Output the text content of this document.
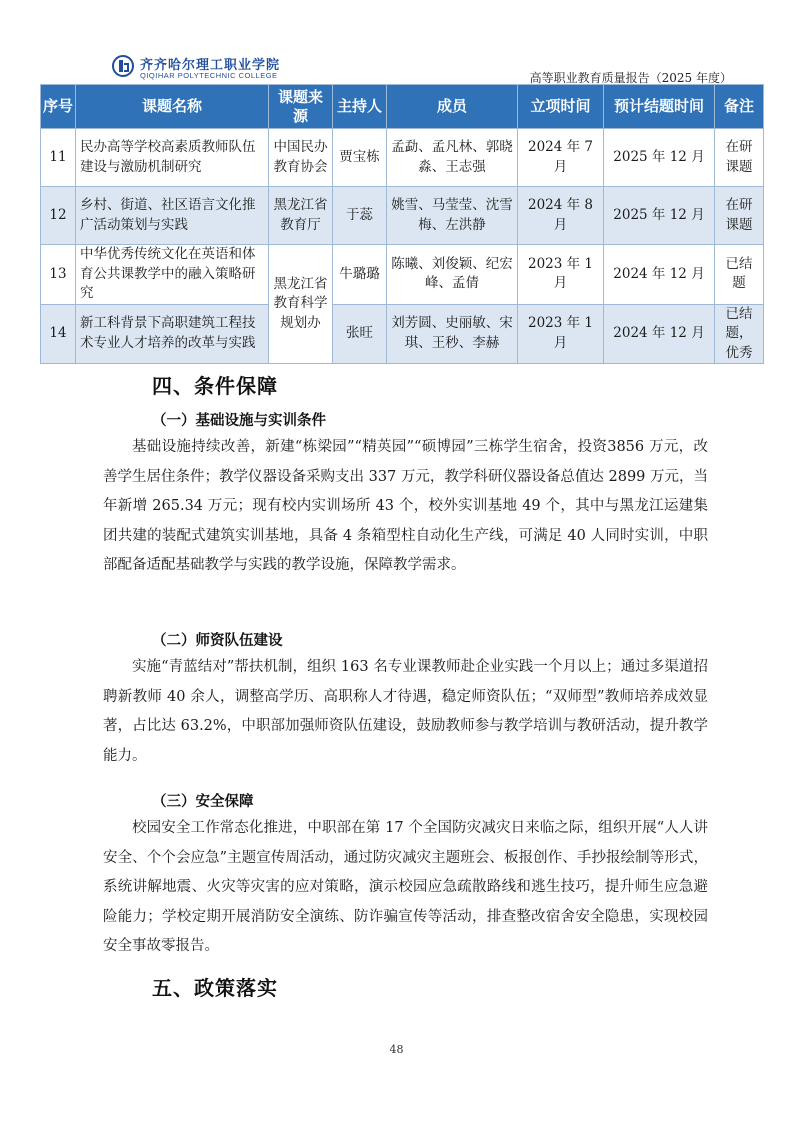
齐齐哈尔理工职业学院
QIQIHAR POLYTECHNIC COLLEGE	高等职业教育质量报告（2025 年度）
序号	课题名称	课题来源	主持人	成员	立项时间	预计结题时间	备注
11	民办高等学校高素质教师队伍建设与激励机制研究	中国民办教育协会	贾宝栋	孟勐、孟凡林、郭晓淼、王志强	2024 年 7 月	2025 年 12 月	在研课题
12	乡村、街道、社区语言文化推广活动策划与实践	黑龙江省教育厅	于蕊	姚雪、马莹莹、沈雪梅、左洪静	2024 年 8 月	2025 年 12 月	在研课题
13	中华优秀传统文化在英语和体育公共课教学中的融入策略研究	黑龙江省教育科学规划办	牛璐璐	陈曦、刘俊颖、纪宏峰、孟倩	2023 年 1 月	2024 年 12 月	已结题
14	新工科背景下高职建筑工程技术专业人才培养的改革与实践		张旺	刘芳圆、史丽敏、宋琪、王秒、李赫	2023 年 1 月	2024 年 12 月	已结题，优秀
四、条件保障
（一）基础设施与实训条件
基础设施持续改善，新建“栋梁园”“精英园”“硕博园”三栋学生宿舍，投资3856 万元，改善学生居住条件；教学仪器设备采购支出 337 万元，教学科研仪器设备总值达 2899 万元，当年新增 265.34 万元；现有校内实训场所 43 个，校外实训基地 49 个，其中与黑龙江运建集团共建的装配式建筑实训基地，具备 4 条箱型柱自动化生产线，可满足 40 人同时实训，中职部配备适配基础教学与实践的教学设施，保障教学需求。
（二）师资队伍建设
实施“青蓝结对”帮扶机制，组织 163 名专业课教师赴企业实践一个月以上；通过多渠道招聘新教师 40 余人，调整高学历、高职称人才待遇，稳定师资队伍；“双师型”教师培养成效显著，占比达 63.2%，中职部加强师资队伍建设，鼓励教师参与教学培训与教研活动，提升教学能力。
（三）安全保障
校园安全工作常态化推进，中职部在第 17 个全国防灾减灾日来临之际，组织开展“人人讲安全、个个会应急”主题宣传周活动，通过防灾减灾主题班会、板报创作、手抄报绘制等形式，系统讲解地震、火灾等灾害的应对策略，演示校园应急疏散路线和逃生技巧，提升师生应急避险能力；学校定期开展消防安全演练、防诈骗宣传等活动，排查整改宿舍安全隐患，实现校园安全事故零报告。
五、政策落实
48
